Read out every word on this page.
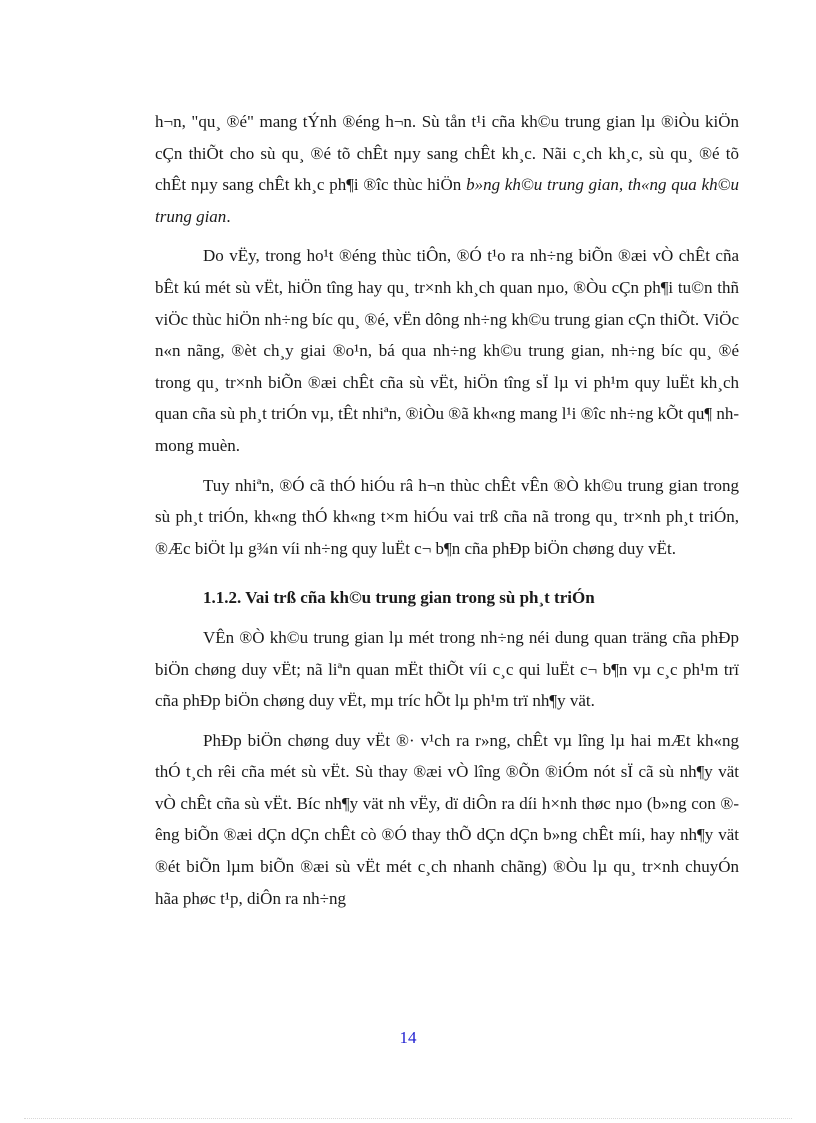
h¬n, "qu¸ ®é" mang tÝnh ®éng h¬n. Sù tån t¹i cña kh©u trung gian lµ ®iÒu kiÖn cÇn thiÕt cho sù qu¸ ®é tõ chÊt nµy sang chÊt kh¸c. Nãi c¸ch kh¸c, sù qu¸ ®é tõ chÊt nµy sang chÊt kh¸c ph¶i ®îc thùc hiÖn b»ng kh©u trung gian, th«ng qua kh©u trung gian.

Do vËy, trong ho¹t ®éng thùc tiÔn, ®Ó t¹o ra nh÷ng biÕn ®æi vÒ chÊt cña bÊt kú mét sù vËt, hiÖn tîng hay qu¸ tr×nh kh¸ch quan nµo, ®Òu cÇn ph¶i tu©n thñ viÖc thùc hiÖn nh÷ng bíc qu¸ ®é, vËn dông nh÷ng kh©u trung gian cÇn thiÕt. ViÖc n«n nãng, ®èt ch¸y giai ®o¹n, bá qua nh÷ng kh©u trung gian, nh÷ng bíc qu¸ ®é trong qu¸ tr×nh biÕn ®æi chÊt cña sù vËt, hiÖn tîng sÏ lµ vi ph¹m quy luËt kh¸ch quan cña sù ph¸t triÓn vµ, tÊt nhiªn, ®iÒu ®ã kh«ng mang l¹i ®îc nh÷ng kÕt qu¶ nh mong muèn.

Tuy nhiªn, ®Ó cã thÓ hiÓu râ h¬n thùc chÊt vÊn ®Ò kh©u trung gian trong sù ph¸t triÓn, kh«ng thÓ kh«ng t×m hiÓu vai trß cña nã trong qu¸ tr×nh ph¸t triÓn, ®Æc biÖt lµ g¾n víi nh÷ng quy luËt c¬ b¶n cña phÐp biÖn chøng duy vËt.

1.1.2. Vai trß cña kh©u trung gian trong sù ph¸t triÓn

VÊn ®Ò kh©u trung gian lµ mét trong nh÷ng néi dung quan träng cña phÐp biÖn chøng duy vËt; nã liªn quan mËt thiÕt víi c¸c qui luËt c¬ b¶n vµ c¸c ph¹m trï cña phÐp biÖn chøng duy vËt, mµ tríc hÕt lµ ph¹m trï nh¶y vät.

PhÐp biÖn chøng duy vËt ®· v¹ch ra r»ng, chÊt vµ lîng lµ hai mÆt kh«ng thÓ t¸ch rêi cña mét sù vËt. Sù thay ®æi vÒ lîng ®Õn ®iÓm nót sÏ cã sù nh¶y vät vÒ chÊt cña sù vËt. Bíc nh¶y vät nh vËy, dï diÔn ra díi h×nh thøc nµo (b»ng con ®êng biÕn ®æi dÇn dÇn chÊt cò ®Ó thay thÕ dÇn dÇn b»ng chÊt míi, hay nh¶y vät ®ét biÕn lµm biÕn ®æi sù vËt mét c¸ch nhanh chãng) ®Òu lµ qu¸ tr×nh chuyÓn hãa phøc t¹p, diÔn ra nh÷ng

14
